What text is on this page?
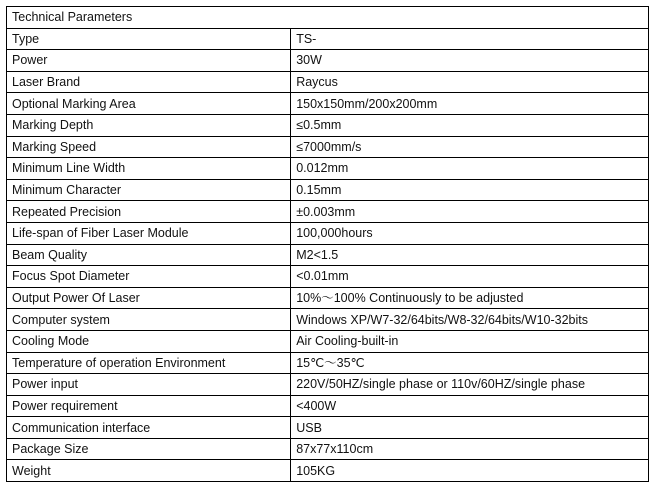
Technical Parameters	
Type	TS-
Power	30W
Laser Brand	Raycus
Optional Marking Area	150x150mm/200x200mm
Marking Depth	≤0.5mm
Marking Speed	≤7000mm/s
Minimum Line Width	0.012mm
Minimum Character	0.15mm
Repeated Precision	±0.003mm
Life-span of Fiber Laser Module	100,000hours
Beam Quality	M2<1.5
Focus Spot Diameter	<0.01mm
Output Power Of Laser	10%～100% Continuously to be adjusted
Computer system	Windows XP/W7-32/64bits/W8-32/64bits/W10-32bits
Cooling Mode	Air Cooling-built-in
Temperature of operation Environment	15℃～35℃
Power input	220V/50HZ/single phase or 110v/60HZ/single phase
Power requirement	<400W
Communication interface	USB
Package Size	87x77x110cm
Weight	105KG
